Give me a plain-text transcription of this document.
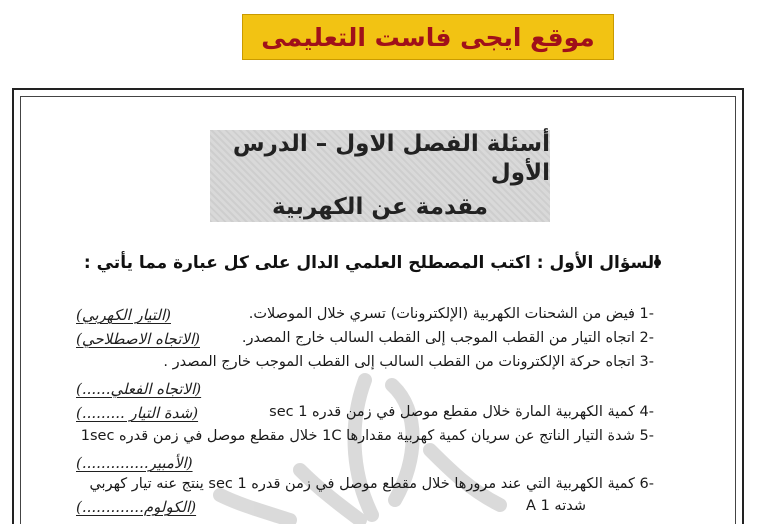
موقع ايجى فاست التعليمى
أسئلة الفصل الاول – الدرس الأول
مقدمة عن الكهربية
السؤال الأول : اكتب المصطلح العلمي الدال على كل عبارة مما يأتي :
-1 فيض من الشحنات الكهربية (الإلكترونات) تسري خلال الموصلات.
(التيار الكهربي)
-2 اتجاه التيار من القطب الموجب إلى القطب السالب خارج المصدر.
(الاتجاه الاصطلاحي)
-3 اتجاه حركة الإلكترونات من القطب السالب إلى القطب الموجب خارج المصدر .
(الاتجاه الفعلي......)
-4 كمية الكهربية المارة خلال مقطع موصل في زمن قدره 1 sec
(شدة التيار .........)
-5 شدة التيار الناتج عن سريان كمية كهربية مقدارها 1C خلال مقطع موصل في زمن قدره 1sec
(الأمبير..............)
-6 كمية الكهربية التي عند مرورها خلال مقطع موصل في زمن قدره 1 sec ينتج عنه تيار كهربي
شدته 1 A
(الكولوم.............)
